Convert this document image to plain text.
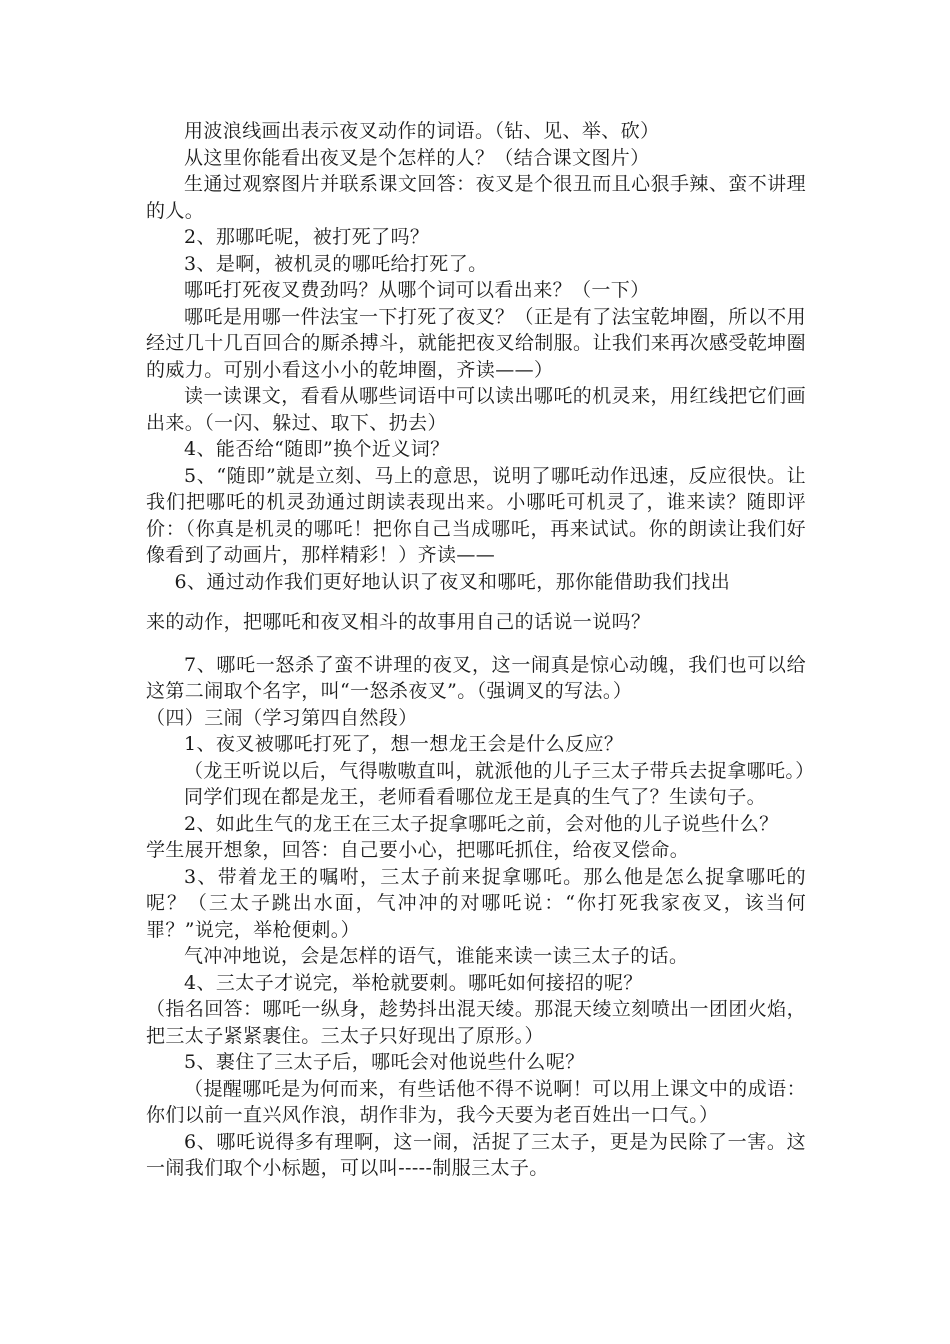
用波浪线画出表示夜叉动作的词语。（钻、见、举、砍）

从这里你能看出夜叉是个怎样的人？（结合课文图片）

生通过观察图片并联系课文回答：夜叉是个很丑而且心狠手辣、蛮不讲理的人。

2、那哪吒呢，被打死了吗？

3、是啊，被机灵的哪吒给打死了。

哪吒打死夜叉费劲吗？从哪个词可以看出来？（一下）

哪吒是用哪一件法宝一下打死了夜叉？（正是有了法宝乾坤圈，所以不用经过几十几百回合的厮杀搏斗，就能把夜叉给制服。让我们来再次感受乾坤圈的威力。可别小看这小小的乾坤圈，齐读——）

读一读课文，看看从哪些词语中可以读出哪吒的机灵来，用红线把它们画出来。（一闪、躲过、取下、扔去）

4、能否给“随即”换个近义词？

5、“随即”就是立刻、马上的意思，说明了哪吒动作迅速，反应很快。让我们把哪吒的机灵劲通过朗读表现出来。小哪吒可机灵了，谁来读？随即评价：（你真是机灵的哪吒！把你自己当成哪吒，再来试试。你的朗读让我们好像看到了动画片，那样精彩！）齐读——

6、通过动作我们更好地认识了夜叉和哪吒，那你能借助我们找出

来的动作，把哪吒和夜叉相斗的故事用自己的话说一说吗？

7、哪吒一怒杀了蛮不讲理的夜叉，这一闹真是惊心动魄，我们也可以给这第二闹取个名字，叫“一怒杀夜叉”。（强调叉的写法。）

（四）三闹（学习第四自然段）

1、夜叉被哪吒打死了，想一想龙王会是什么反应？

（龙王听说以后，气得嗷嗷直叫，就派他的儿子三太子带兵去捉拿哪吒。）

同学们现在都是龙王，老师看看哪位龙王是真的生气了？生读句子。

2、如此生气的龙王在三太子捉拿哪吒之前，会对他的儿子说些什么？

学生展开想象，回答：自己要小心，把哪吒抓住，给夜叉偿命。

3、带着龙王的嘱咐，三太子前来捉拿哪吒。那么他是怎么捉拿哪吒的呢？（三太子跳出水面，气冲冲的对哪吒说：“你打死我家夜叉，该当何罪？”说完，举枪便刺。）

气冲冲地说，会是怎样的语气，谁能来读一读三太子的话。

4、三太子才说完，举枪就要刺。哪吒如何接招的呢？

（指名回答：哪吒一纵身，趁势抖出混天绫。那混天绫立刻喷出一团团火焰，把三太子紧紧裹住。三太子只好现出了原形。）

5、裹住了三太子后，哪吒会对他说些什么呢？

（提醒哪吒是为何而来，有些话他不得不说啊！可以用上课文中的成语：你们以前一直兴风作浪，胡作非为，我今天要为老百姓出一口气。）

6、哪吒说得多有理啊，这一闹，活捉了三太子，更是为民除了一害。这一闹我们取个小标题，可以叫-----制服三太子。
